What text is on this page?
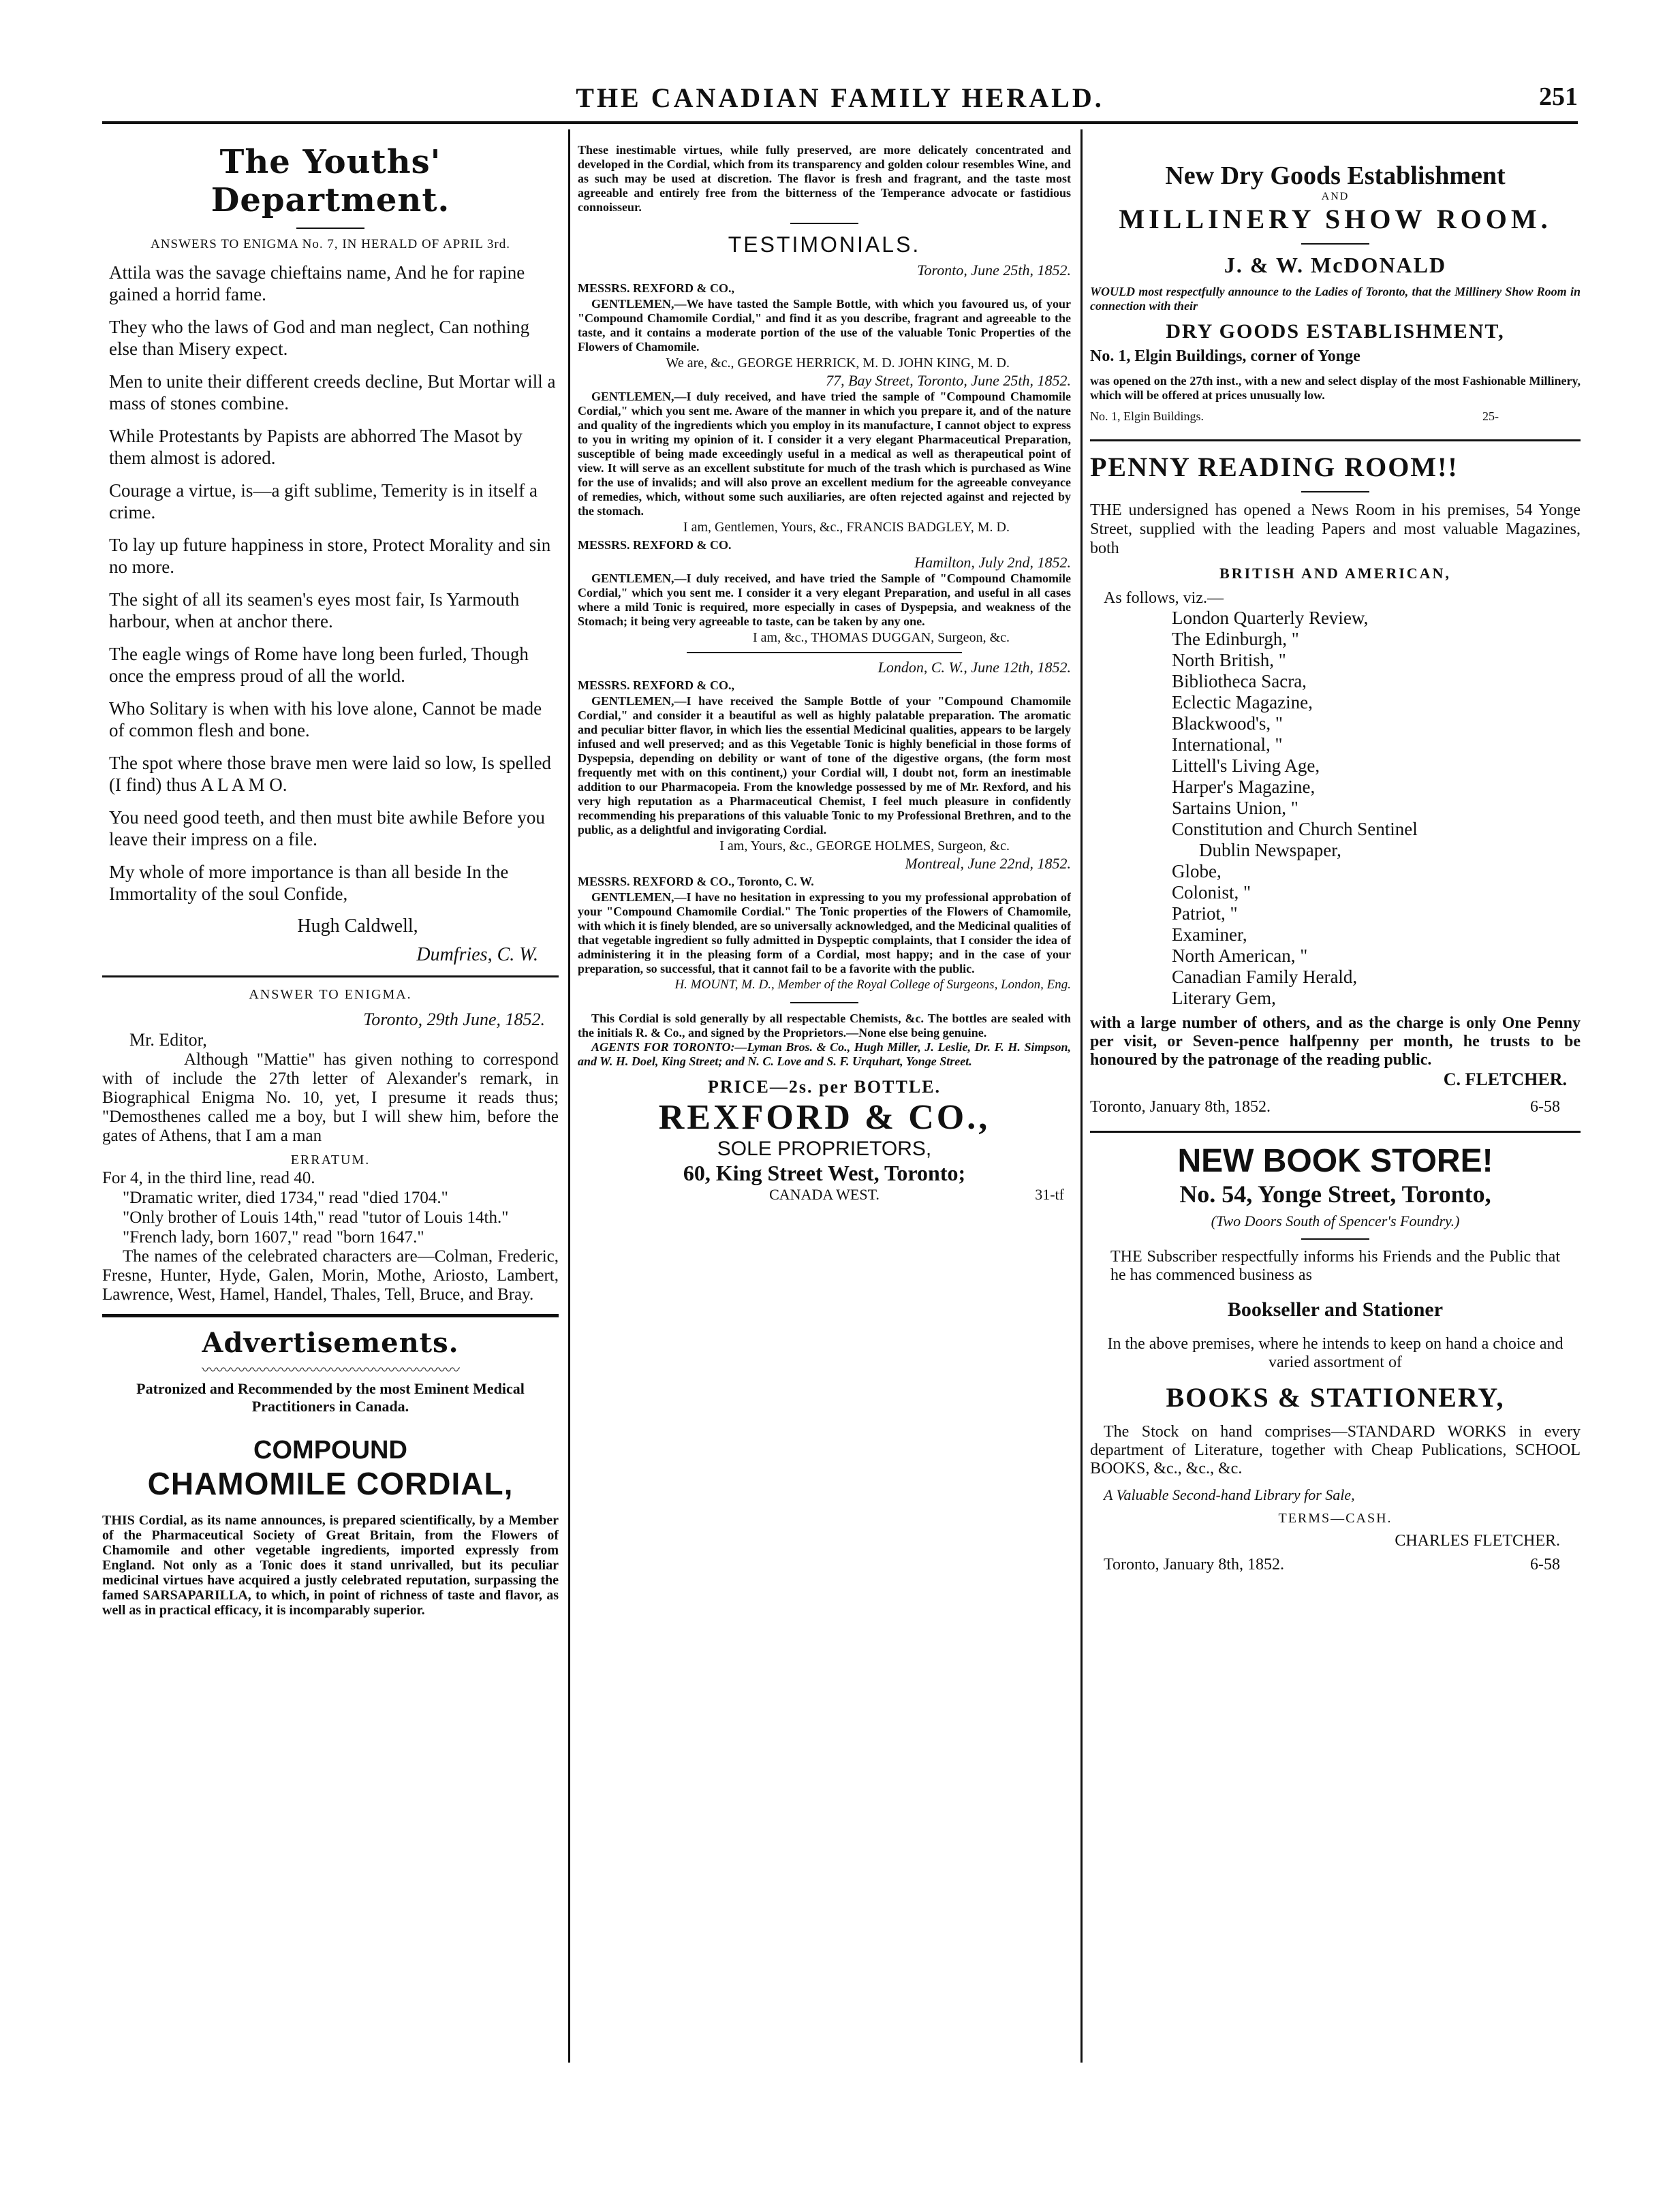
THE CANADIAN FAMILY HERALD.	251

The Youths' Department.

ANSWERS TO ENIGMA No. 7, IN HERALD OF APRIL 3rd.

Attila was the savage chieftains name, And he for rapine gained a horrid fame.

They who the laws of God and man neglect, Can nothing else than Misery expect.

Men to unite their different creeds decline, But Mortar will a mass of stones combine.

While Protestants by Papists are abhorred The Masot by them almost is adored.

Courage a virtue, is—a gift sublime, Temerity is in itself a crime.

To lay up future happiness in store, Protect Morality and sin no more.

The sight of all its seamen's eyes most fair, Is Yarmouth harbour, when at anchor there.

The eagle wings of Rome have long been furled, Though once the empress proud of all the world.

Who Solitary is when with his love alone, Cannot be made of common flesh and bone.

The spot where those brave men were laid so low, Is spelled (I find) thus A L A M O.

You need good teeth, and then must bite awhile Before you leave their impress on a file.

My whole of more importance is than all beside In the Immortality of the soul Confide,

Hugh Caldwell,

Dumfries, C. W.

ANSWER TO ENIGMA.

Toronto, 29th June, 1852.

Mr. Editor,

Although "Mattie" has given nothing to correspond with of include the 27th letter of Alexander's remark, in Biographical Enigma No. 10, yet, I presume it reads thus; "Demosthenes called me a boy, but I will shew him, before the gates of Athens, that I am a man

ERRATUM.

For 4, in the third line, read 40.

"Dramatic writer, died 1734," read "died 1704."

"Only brother of Louis 14th," read "tutor of Louis 14th."

"French lady, born 1607," read "born 1647."

The names of the celebrated characters are—Colman, Frederic, Fresne, Hunter, Hyde, Galen, Morin, Mothe, Ariosto, Lambert, Lawrence, West, Hamel, Handel, Thales, Tell, Bruce, and Bray.

Advertisements.

〰〰〰〰〰〰〰〰〰〰〰〰〰〰〰〰〰〰

Patronized and Recommended by the most Eminent Medical Practitioners in Canada.

COMPOUND

CHAMOMILE CORDIAL,

THIS Cordial, as its name announces, is prepared scientifically, by a Member of the Pharmaceutical Society of Great Britain, from the Flowers of Chamomile and other vegetable ingredients, imported expressly from England. Not only as a Tonic does it stand unrivalled, but its peculiar medicinal virtues have acquired a justly celebrated reputation, surpassing the famed SARSAPARILLA, to which, in point of richness of taste and flavor, as well as in practical efficacy, it is incomparably superior.

These inestimable virtues, while fully preserved, are more delicately concentrated and developed in the Cordial, which from its transparency and golden colour resembles Wine, and as such may be used at discretion. The flavor is fresh and fragrant, and the taste most agreeable and entirely free from the bitterness of the Temperance advocate or fastidious connoisseur.

TESTIMONIALS.

Toronto, June 25th, 1852.

MESSRS. REXFORD & CO.,

GENTLEMEN,—We have tasted the Sample Bottle, with which you favoured us, of your "Compound Chamomile Cordial," and find it as you describe, fragrant and agreeable to the taste, and it contains a moderate portion of the use of the valuable Tonic Properties of the Flowers of Chamomile.

We are, &c., GEORGE HERRICK, M. D. JOHN KING, M. D.

77, Bay Street, Toronto, June 25th, 1852.

GENTLEMEN,—I duly received, and have tried the sample of "Compound Chamomile Cordial," which you sent me. Aware of the manner in which you prepare it, and of the nature and quality of the ingredients which you employ in its manufacture, I cannot object to express to you in writing my opinion of it. I consider it a very elegant Pharmaceutical Preparation, susceptible of being made exceedingly useful in a medical as well as therapeutical point of view. It will serve as an excellent substitute for much of the trash which is purchased as Wine for the use of invalids; and will also prove an excellent medium for the agreeable conveyance of remedies, which, without some such auxiliaries, are often rejected against and rejected by the stomach.

I am, Gentlemen, Yours, &c., FRANCIS BADGLEY, M. D.

MESSRS. REXFORD & CO.

Hamilton, July 2nd, 1852.

GENTLEMEN,—I duly received, and have tried the Sample of "Compound Chamomile Cordial," which you sent me. I consider it a very elegant Preparation, and useful in all cases where a mild Tonic is required, more especially in cases of Dyspepsia, and weakness of the Stomach; it being very agreeable to taste, can be taken by any one.

I am, &c., THOMAS DUGGAN, Surgeon, &c.

London, C. W., June 12th, 1852.

MESSRS. REXFORD & CO.,

GENTLEMEN,—I have received the Sample Bottle of your "Compound Chamomile Cordial," and consider it a beautiful as well as highly palatable preparation. The aromatic and peculiar bitter flavor, in which lies the essential Medicinal qualities, appears to be largely infused and well preserved; and as this Vegetable Tonic is highly beneficial in those forms of Dyspepsia, depending on debility or want of tone of the digestive organs, (the form most frequently met with on this continent,) your Cordial will, I doubt not, form an inestimable addition to our Pharmacopeia. From the knowledge possessed by me of Mr. Rexford, and his very high reputation as a Pharmaceutical Chemist, I feel much pleasure in confidently recommending his preparations of this valuable Tonic to my Professional Brethren, and to the public, as a delightful and invigorating Cordial.

I am, Yours, &c., GEORGE HOLMES, Surgeon, &c.

Montreal, June 22nd, 1852.

MESSRS. REXFORD & CO., Toronto, C. W.

GENTLEMEN,—I have no hesitation in expressing to you my professional approbation of your "Compound Chamomile Cordial." The Tonic properties of the Flowers of Chamomile, with which it is finely blended, are so universally acknowledged, and the Medicinal qualities of that vegetable ingredient so fully admitted in Dyspeptic complaints, that I consider the idea of administering it in the pleasing form of a Cordial, most happy; and in the case of your preparation, so successful, that it cannot fail to be a favorite with the public.

H. MOUNT, M. D., Member of the Royal College of Surgeons, London, Eng.

This Cordial is sold generally by all respectable Chemists, &c. The bottles are sealed with the initials R. & Co., and signed by the Proprietors.—None else being genuine.

AGENTS FOR TORONTO:—Lyman Bros. & Co., Hugh Miller, J. Leslie, Dr. F. H. Simpson, and W. H. Doel, King Street; and N. C. Love and S. F. Urquhart, Yonge Street.

PRICE—2s. per BOTTLE.

REXFORD & CO.,

SOLE PROPRIETORS,

60, King Street West, Toronto;

CANADA WEST.	31-tf

New Dry Goods Establishment

AND

MILLINERY SHOW ROOM.

J. & W. McDONALD

WOULD most respectfully announce to the Ladies of Toronto, that the Millinery Show Room in connection with their

DRY GOODS ESTABLISHMENT,

No. 1, Elgin Buildings, corner of Yonge

was opened on the 27th inst., with a new and select display of the most Fashionable Millinery, which will be offered at prices unusually low.

No. 1, Elgin Buildings.	25-

PENNY READING ROOM!!

THE undersigned has opened a News Room in his premises, 54 Yonge Street, supplied with the leading Papers and most valuable Magazines, both

BRITISH AND AMERICAN,

As follows, viz.—

London Quarterly Review,

The Edinburgh, "

North British, "

Bibliotheca Sacra,

Eclectic Magazine,

Blackwood's, "

International, "

Littell's Living Age,

Harper's Magazine,

Sartains Union, "

Constitution and Church Sentinel

Dublin Newspaper,

Globe,

Colonist, "

Patriot, "

Examiner,

North American, "

Canadian Family Herald,

Literary Gem,

with a large number of others, and as the charge is only One Penny per visit, or Seven-pence halfpenny per month, he trusts to be honoured by the patronage of the reading public.

C. FLETCHER.

Toronto, January 8th, 1852.	6-58

NEW BOOK STORE!

No. 54, Yonge Street, Toronto,

(Two Doors South of Spencer's Foundry.)

THE Subscriber respectfully informs his Friends and the Public that he has commenced business as

Bookseller and Stationer

In the above premises, where he intends to keep on hand a choice and varied assortment of

BOOKS & STATIONERY,

The Stock on hand comprises—STANDARD WORKS in every department of Literature, together with Cheap Publications, SCHOOL BOOKS, &c., &c., &c.

A Valuable Second-hand Library for Sale,

TERMS—CASH.

CHARLES FLETCHER.

Toronto, January 8th, 1852.	6-58
